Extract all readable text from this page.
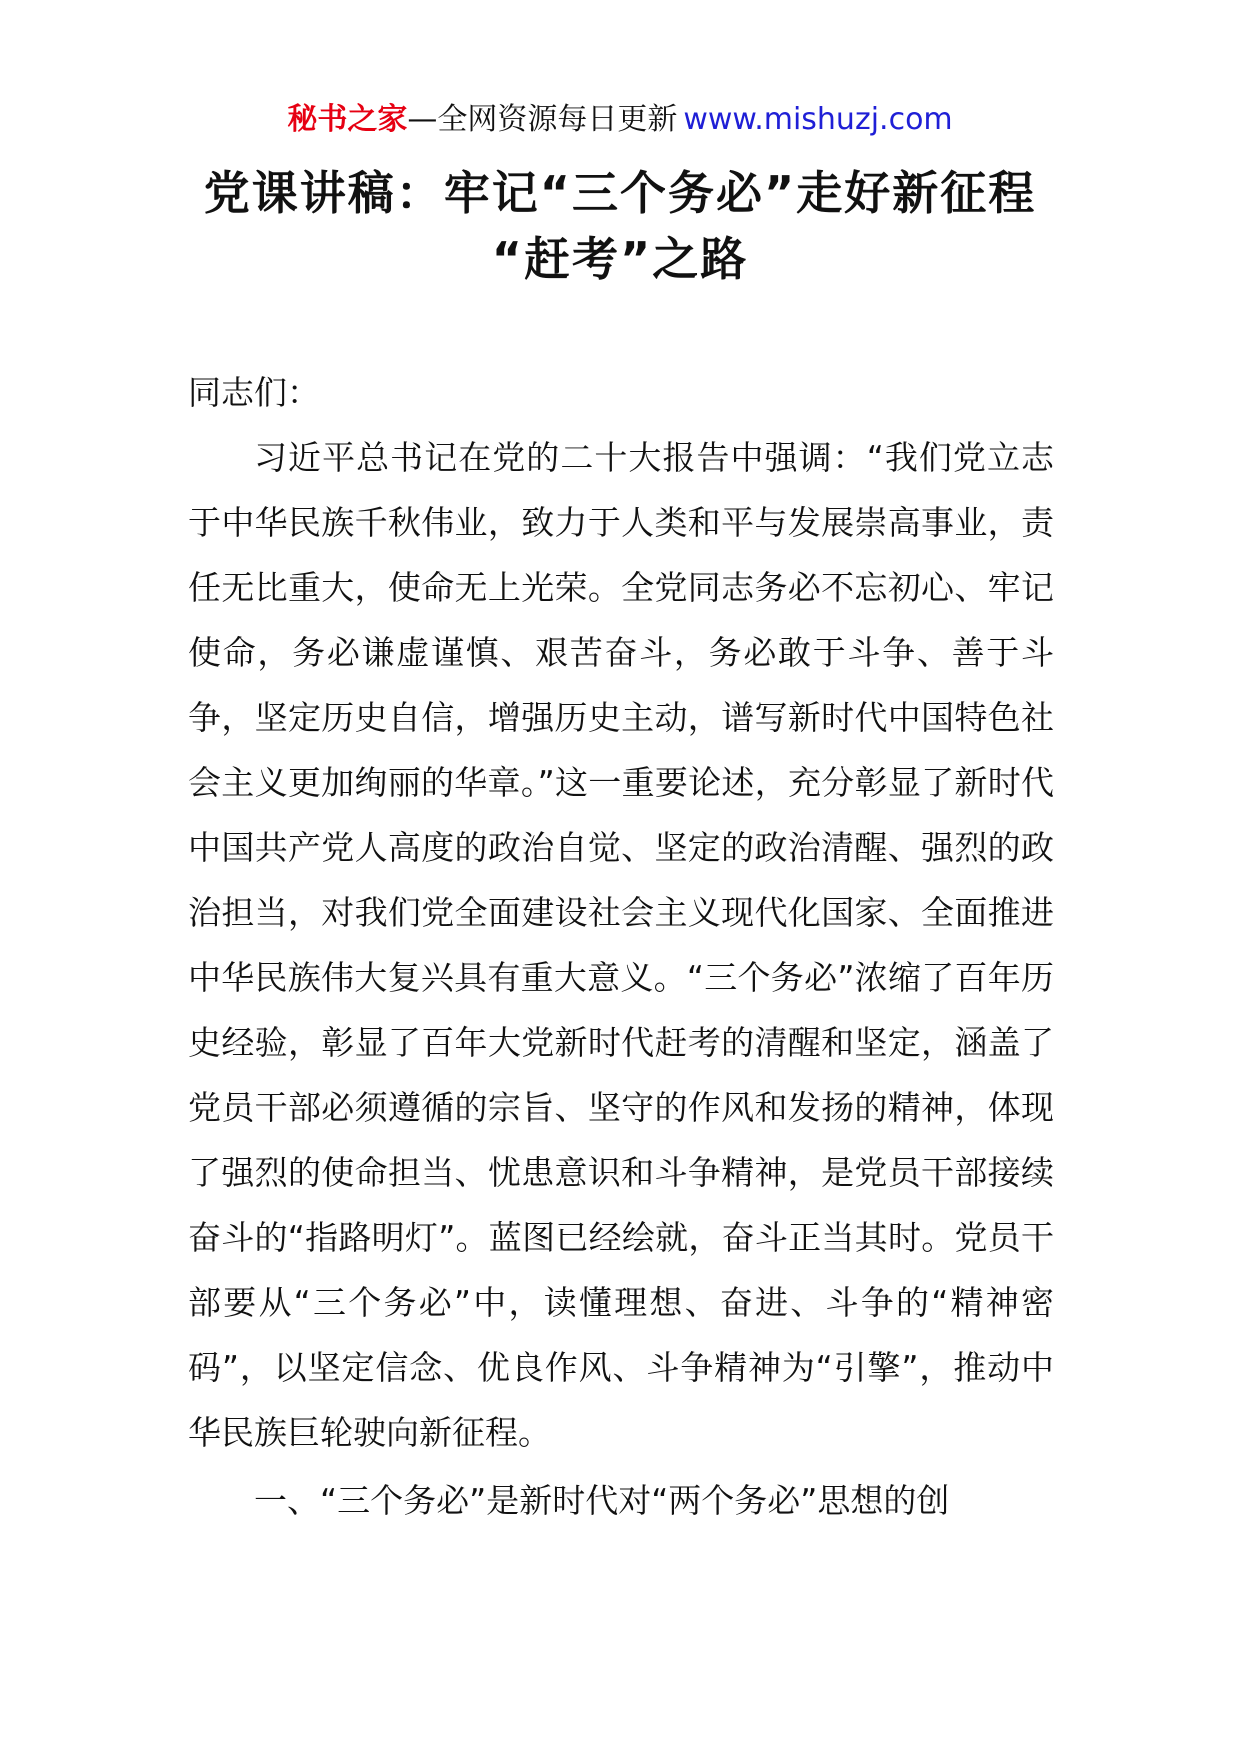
秘书之家—全网资源每日更新 www.mishuzj.com
党课讲稿：牢记“三个务必”走好新征程
“赶考”之路

同志们：

习近平总书记在党的二十大报告中强调：“我们党立志于中华民族千秋伟业，致力于人类和平与发展崇高事业，责任无比重大，使命无上光荣。全党同志务必不忘初心、牢记使命，务必谦虚谨慎、艰苦奋斗，务必敢于斗争、善于斗争，坚定历史自信，增强历史主动，谱写新时代中国特色社会主义更加绚丽的华章。”这一重要论述，充分彰显了新时代中国共产党人高度的政治自觉、坚定的政治清醒、强烈的政治担当，对我们党全面建设社会主义现代化国家、全面推进中华民族伟大复兴具有重大意义。“三个务必”浓缩了百年历史经验，彰显了百年大党新时代赶考的清醒和坚定，涵盖了党员干部必须遵循的宗旨、坚守的作风和发扬的精神，体现了强烈的使命担当、忧患意识和斗争精神，是党员干部接续奋斗的“指路明灯”。蓝图已经绘就，奋斗正当其时。党员干部要从“三个务必”中，读懂理想、奋进、斗争的“精神密码”，以坚定信念、优良作风、斗争精神为“引擎”，推动中华民族巨轮驶向新征程。

一、“三个务必”是新时代对“两个务必”思想的创
